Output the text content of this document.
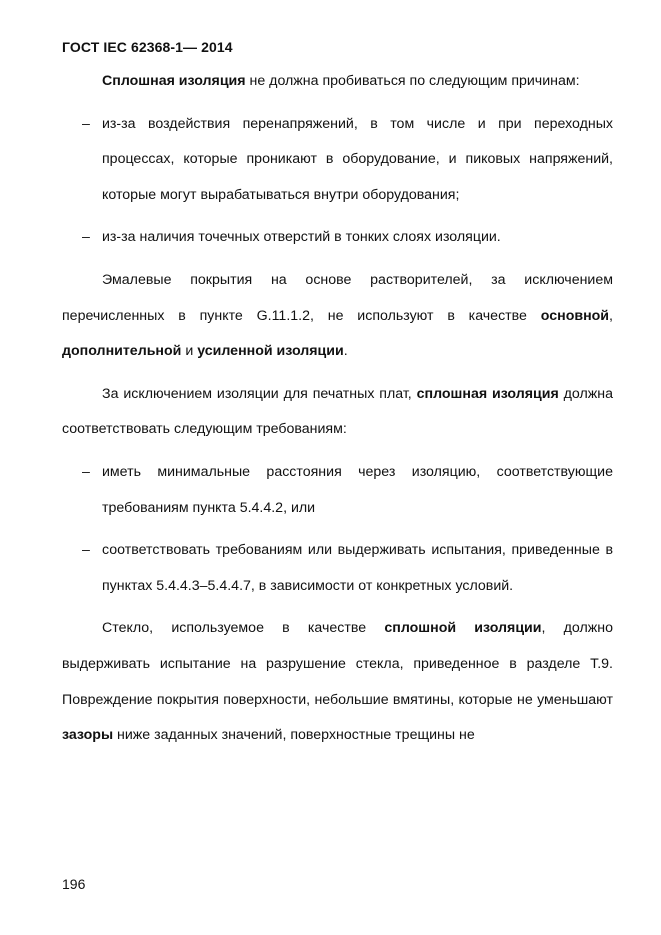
ГОСТ IEC 62368-1— 2014

Сплошная изоляция не должна пробиваться по следующим причинам:

– из-за воздействия перенапряжений, в том числе и при переходных процессах, которые проникают в оборудование, и пиковых напряжений, которые могут вырабатываться внутри оборудования;
– из-за наличия точечных отверстий в тонких слоях изоляции.

Эмалевые покрытия на основе растворителей, за исключением перечисленных в пункте G.11.1.2, не используют в качестве основной, дополнительной и усиленной изоляции.

За исключением изоляции для печатных плат, сплошная изоляция должна соответствовать следующим требованиям:

– иметь минимальные расстояния через изоляцию, соответствующие требованиям пункта 5.4.4.2, или
– соответствовать требованиям или выдерживать испытания, приведенные в пунктах 5.4.4.3–5.4.4.7, в зависимости от конкретных условий.

Стекло, используемое в качестве сплошной изоляции, должно выдерживать испытание на разрушение стекла, приведенное в разделе Т.9. Повреждение покрытия поверхности, небольшие вмятины, которые не уменьшают зазоры ниже заданных значений, поверхностные трещины не

196
